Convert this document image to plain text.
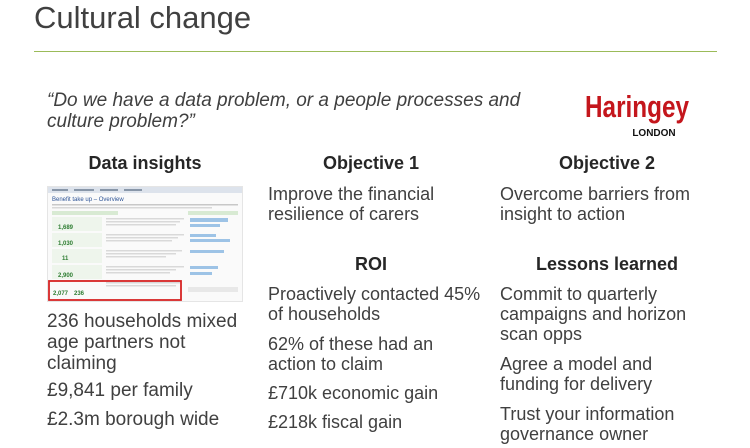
Cultural change
“Do we have a data problem, or a people processes and culture problem?”	Haringey
LONDON
Data insights
Benefit take up – Overview
1,689
1,030
11
2,900
2,077 236
236 households mixed age partners not claiming
£9,841 per family
£2.3m borough wide
Objective 1
Improve the financial resilience of carers
ROI
Proactively contacted 45% of households
62% of these had an action to claim
£710k economic gain
£218k fiscal gain
Objective 2
Overcome barriers from insight to action
Lessons learned
Commit to quarterly campaigns and horizon scan opps
Agree a model and funding for delivery
Trust your information governance owner
